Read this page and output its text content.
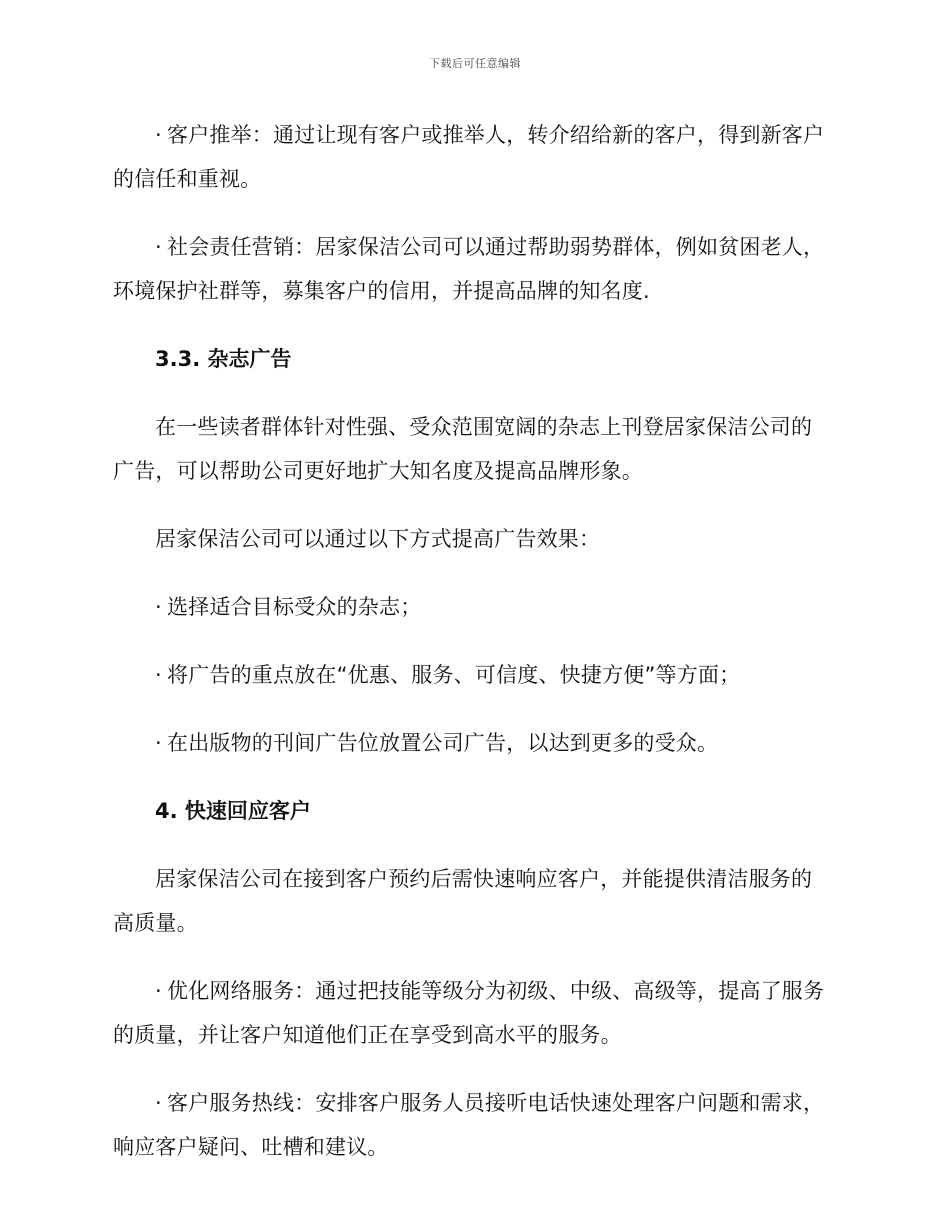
下载后可任意编辑

· 客户推举：通过让现有客户或推举人，转介绍给新的客户，得到新客户的信任和重视。

· 社会责任营销：居家保洁公司可以通过帮助弱势群体，例如贫困老人，环境保护社群等，募集客户的信用，并提高品牌的知名度.

3.3. 杂志广告

在一些读者群体针对性强、受众范围宽阔的杂志上刊登居家保洁公司的广告，可以帮助公司更好地扩大知名度及提高品牌形象。

居家保洁公司可以通过以下方式提高广告效果：

· 选择适合目标受众的杂志；

· 将广告的重点放在“优惠、服务、可信度、快捷方便”等方面；

· 在出版物的刊间广告位放置公司广告，以达到更多的受众。

4. 快速回应客户

居家保洁公司在接到客户预约后需快速响应客户，并能提供清洁服务的高质量。

· 优化网络服务：通过把技能等级分为初级、中级、高级等，提高了服务的质量，并让客户知道他们正在享受到高水平的服务。

· 客户服务热线：安排客户服务人员接听电话快速处理客户问题和需求，响应客户疑问、吐槽和建议。
